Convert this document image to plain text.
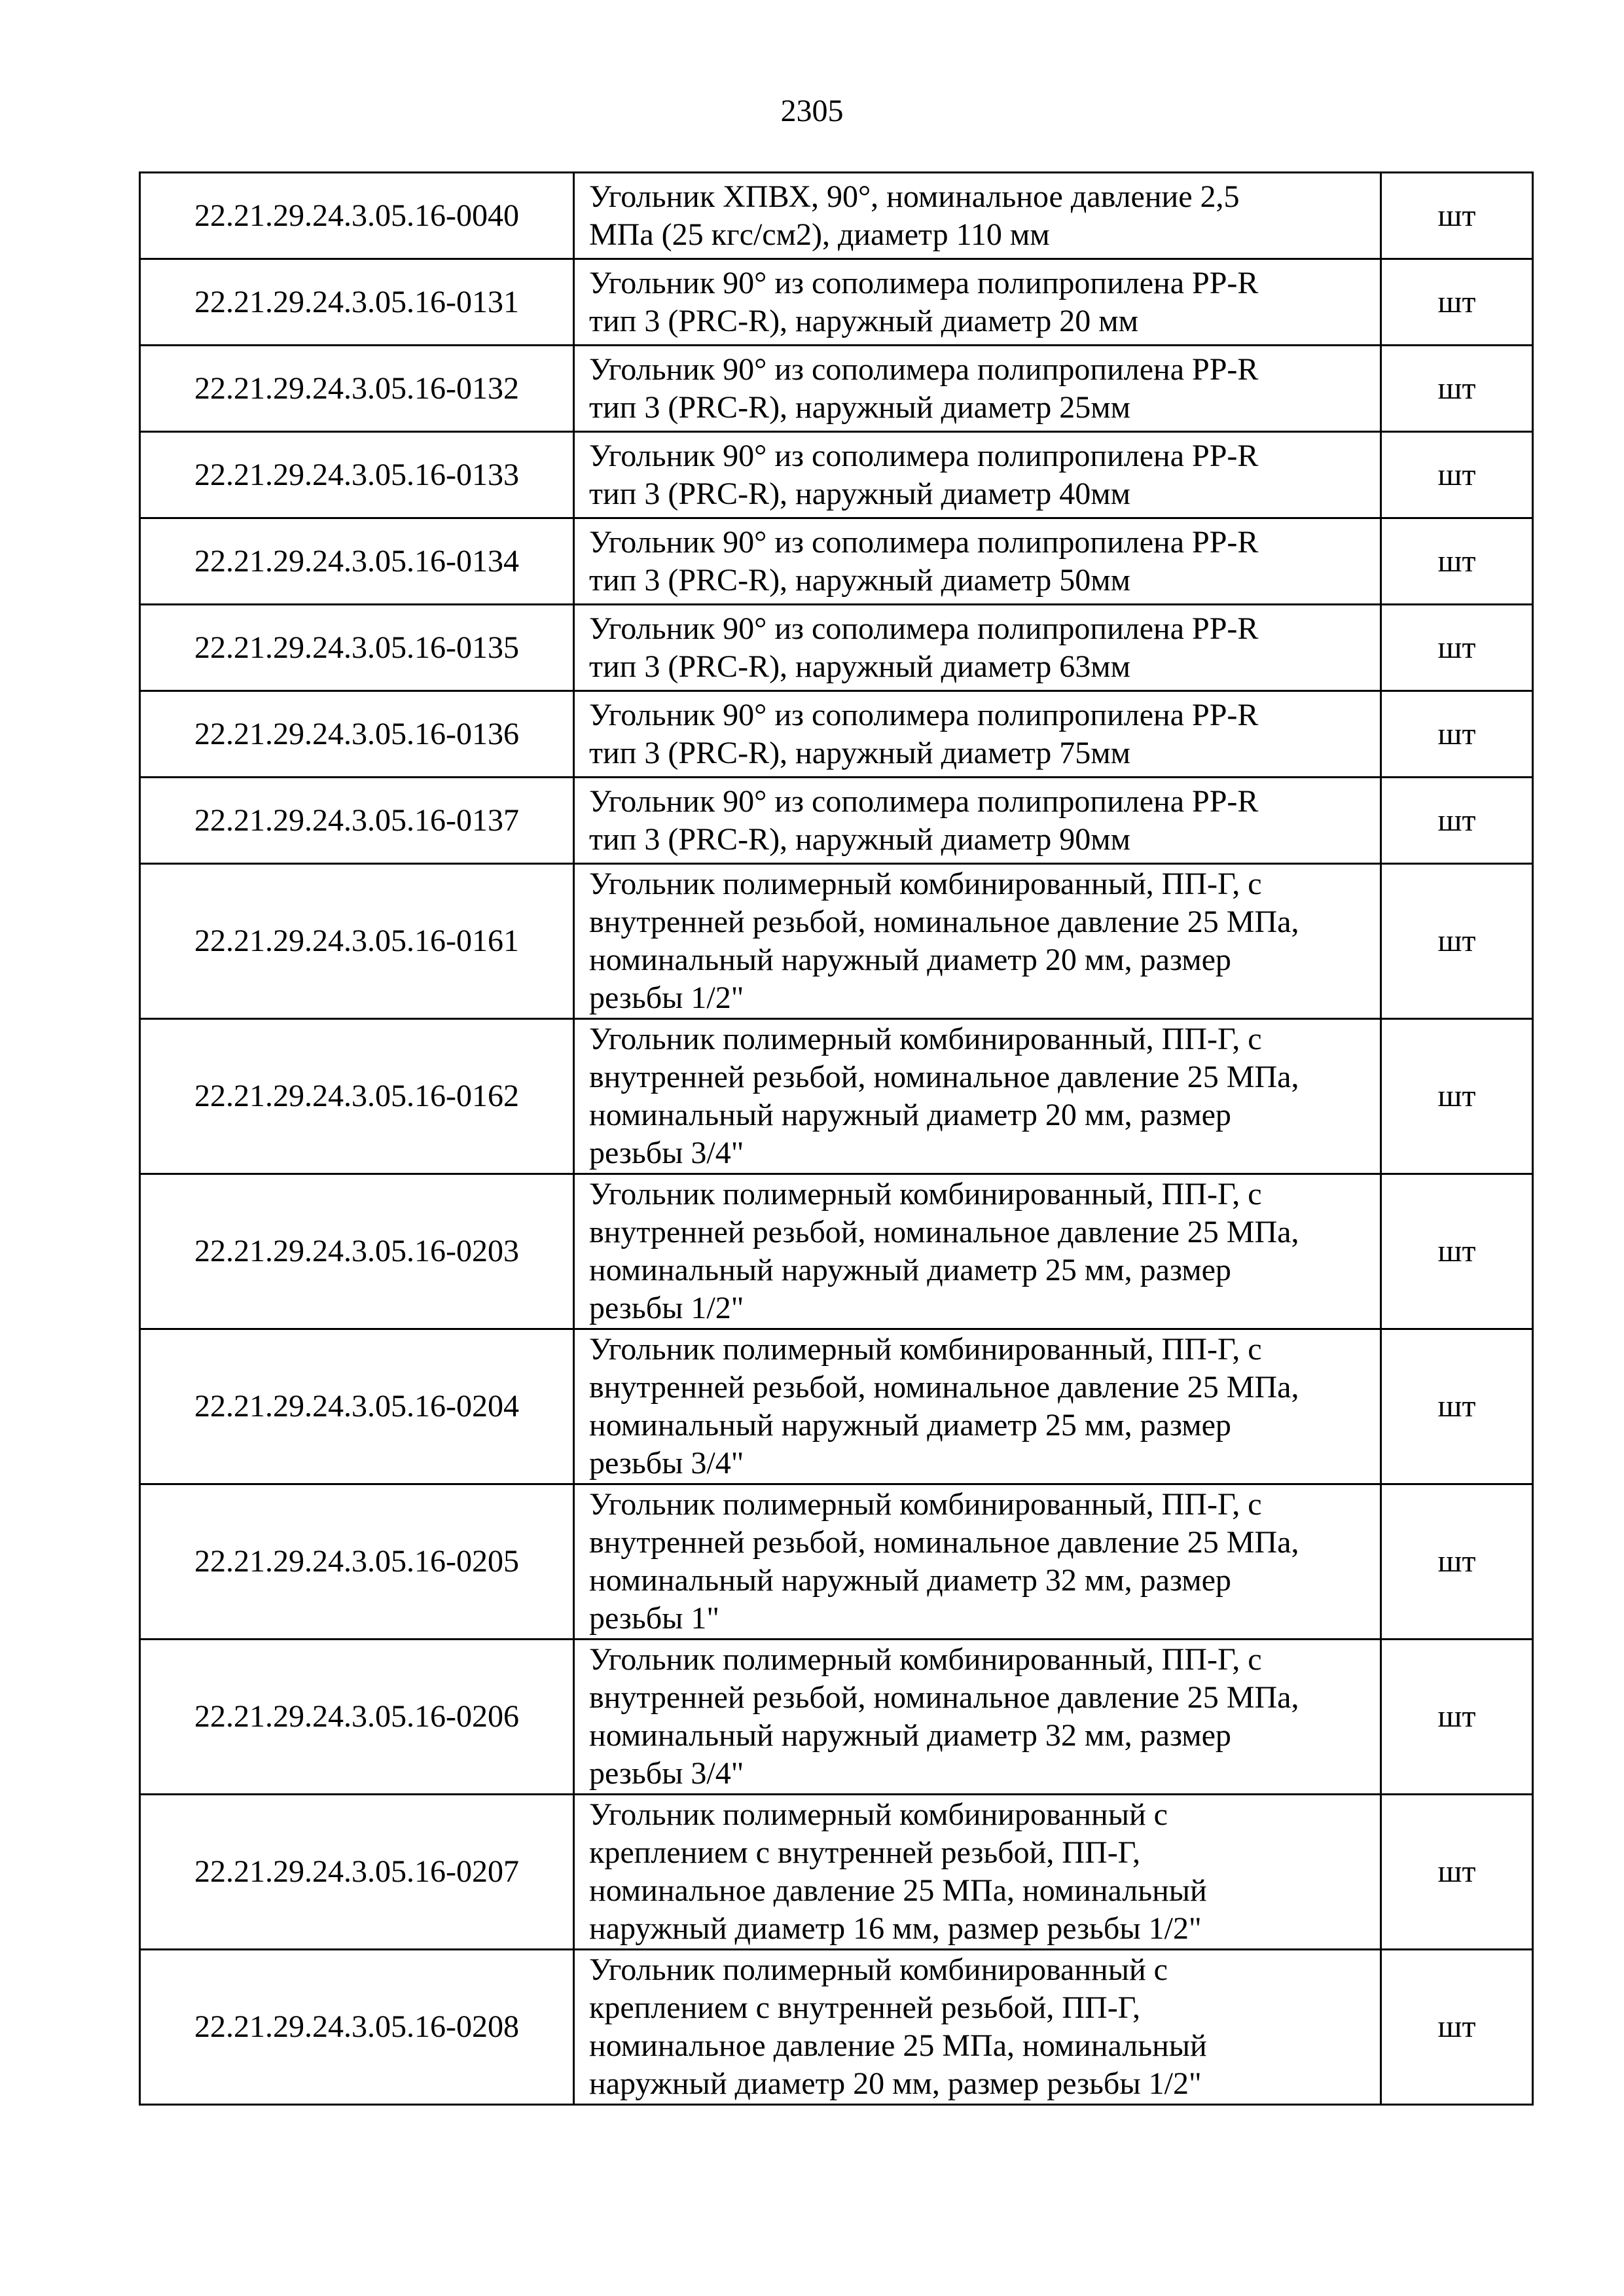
2305
22.21.29.24.3.05.16-0040	Угольник ХПВХ, 90°, номинальное давление 2,5
МПа (25 кгс/см2), диаметр 110 мм	шт
22.21.29.24.3.05.16-0131	Угольник 90° из сополимера полипропилена PP-R
тип 3 (PRC-R), наружный диаметр 20 мм	шт
22.21.29.24.3.05.16-0132	Угольник 90° из сополимера полипропилена PP-R
тип 3 (PRC-R), наружный диаметр 25мм	шт
22.21.29.24.3.05.16-0133	Угольник 90° из сополимера полипропилена PP-R
тип 3 (PRC-R), наружный диаметр 40мм	шт
22.21.29.24.3.05.16-0134	Угольник 90° из сополимера полипропилена PP-R
тип 3 (PRC-R), наружный диаметр 50мм	шт
22.21.29.24.3.05.16-0135	Угольник 90° из сополимера полипропилена PP-R
тип 3 (PRC-R), наружный диаметр 63мм	шт
22.21.29.24.3.05.16-0136	Угольник 90° из сополимера полипропилена PP-R
тип 3 (PRC-R), наружный диаметр 75мм	шт
22.21.29.24.3.05.16-0137	Угольник 90° из сополимера полипропилена PP-R
тип 3 (PRC-R), наружный диаметр 90мм	шт
22.21.29.24.3.05.16-0161	Угольник полимерный комбинированный, ПП-Г, с
внутренней резьбой, номинальное давление 25 МПа,
номинальный наружный диаметр 20 мм, размер
резьбы 1/2"	шт
22.21.29.24.3.05.16-0162	Угольник полимерный комбинированный, ПП-Г, с
внутренней резьбой, номинальное давление 25 МПа,
номинальный наружный диаметр 20 мм, размер
резьбы 3/4"	шт
22.21.29.24.3.05.16-0203	Угольник полимерный комбинированный, ПП-Г, с
внутренней резьбой, номинальное давление 25 МПа,
номинальный наружный диаметр 25 мм, размер
резьбы 1/2"	шт
22.21.29.24.3.05.16-0204	Угольник полимерный комбинированный, ПП-Г, с
внутренней резьбой, номинальное давление 25 МПа,
номинальный наружный диаметр 25 мм, размер
резьбы 3/4"	шт
22.21.29.24.3.05.16-0205	Угольник полимерный комбинированный, ПП-Г, с
внутренней резьбой, номинальное давление 25 МПа,
номинальный наружный диаметр 32 мм, размер
резьбы 1"	шт
22.21.29.24.3.05.16-0206	Угольник полимерный комбинированный, ПП-Г, с
внутренней резьбой, номинальное давление 25 МПа,
номинальный наружный диаметр 32 мм, размер
резьбы 3/4"	шт
22.21.29.24.3.05.16-0207	Угольник полимерный комбинированный с
креплением с внутренней резьбой, ПП-Г,
номинальное давление 25 МПа, номинальный
наружный диаметр 16 мм, размер резьбы 1/2"	шт
22.21.29.24.3.05.16-0208	Угольник полимерный комбинированный с
креплением с внутренней резьбой, ПП-Г,
номинальное давление 25 МПа, номинальный
наружный диаметр 20 мм, размер резьбы 1/2"	шт
